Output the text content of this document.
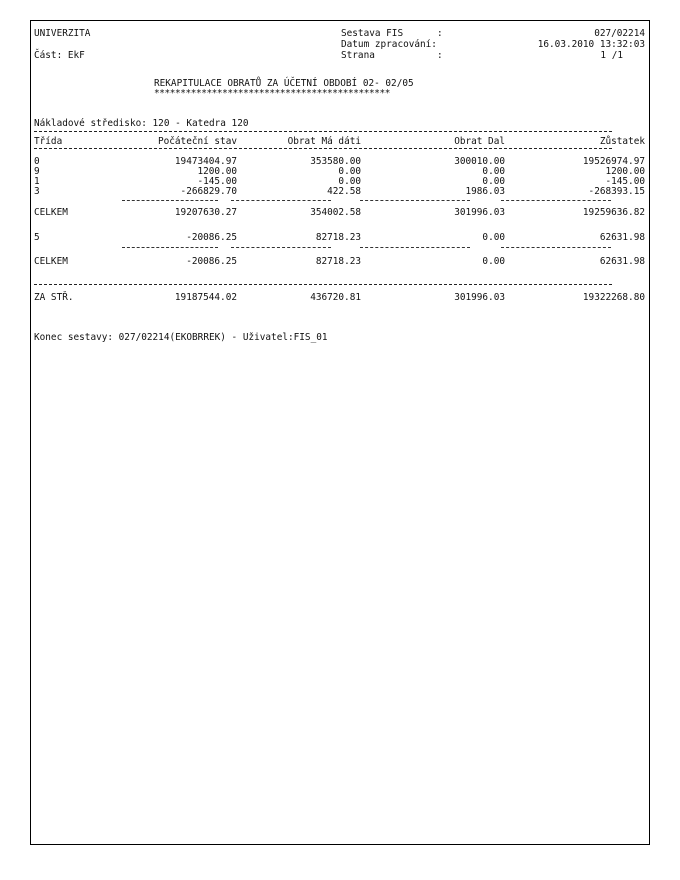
UNIVERZITA
Část: EkF
Sestava FIS      :	027/02214
Datum zpracování:	16.03.2010 13:32:03
Strana           :	1 /1
REKAPITULACE OBRATŮ ZA ÚČETNÍ OBDOBÍ 02- 02/05
*********************************************
Nákladové středisko: 120 - Katedra 120
Třída	Počáteční stav	Obrat Má dáti	Obrat Dal	Zůstatek
0	19473404.97	353580.00	300010.00	19526974.97
9	1200.00	0.00	0.00	1200.00
1	-145.00	0.00	0.00	-145.00
3	-266829.70	422.58	1986.03	-268393.15
CELKEM	19207630.27	354002.58	301996.03	19259636.82
5	-20086.25	82718.23	0.00	62631.98
CELKEM	-20086.25	82718.23	0.00	62631.98
ZA STŘ.	19187544.02	436720.81	301996.03	19322268.80
Konec sestavy: 027/02214(EKOBRREK) - Uživatel:FIS_01
